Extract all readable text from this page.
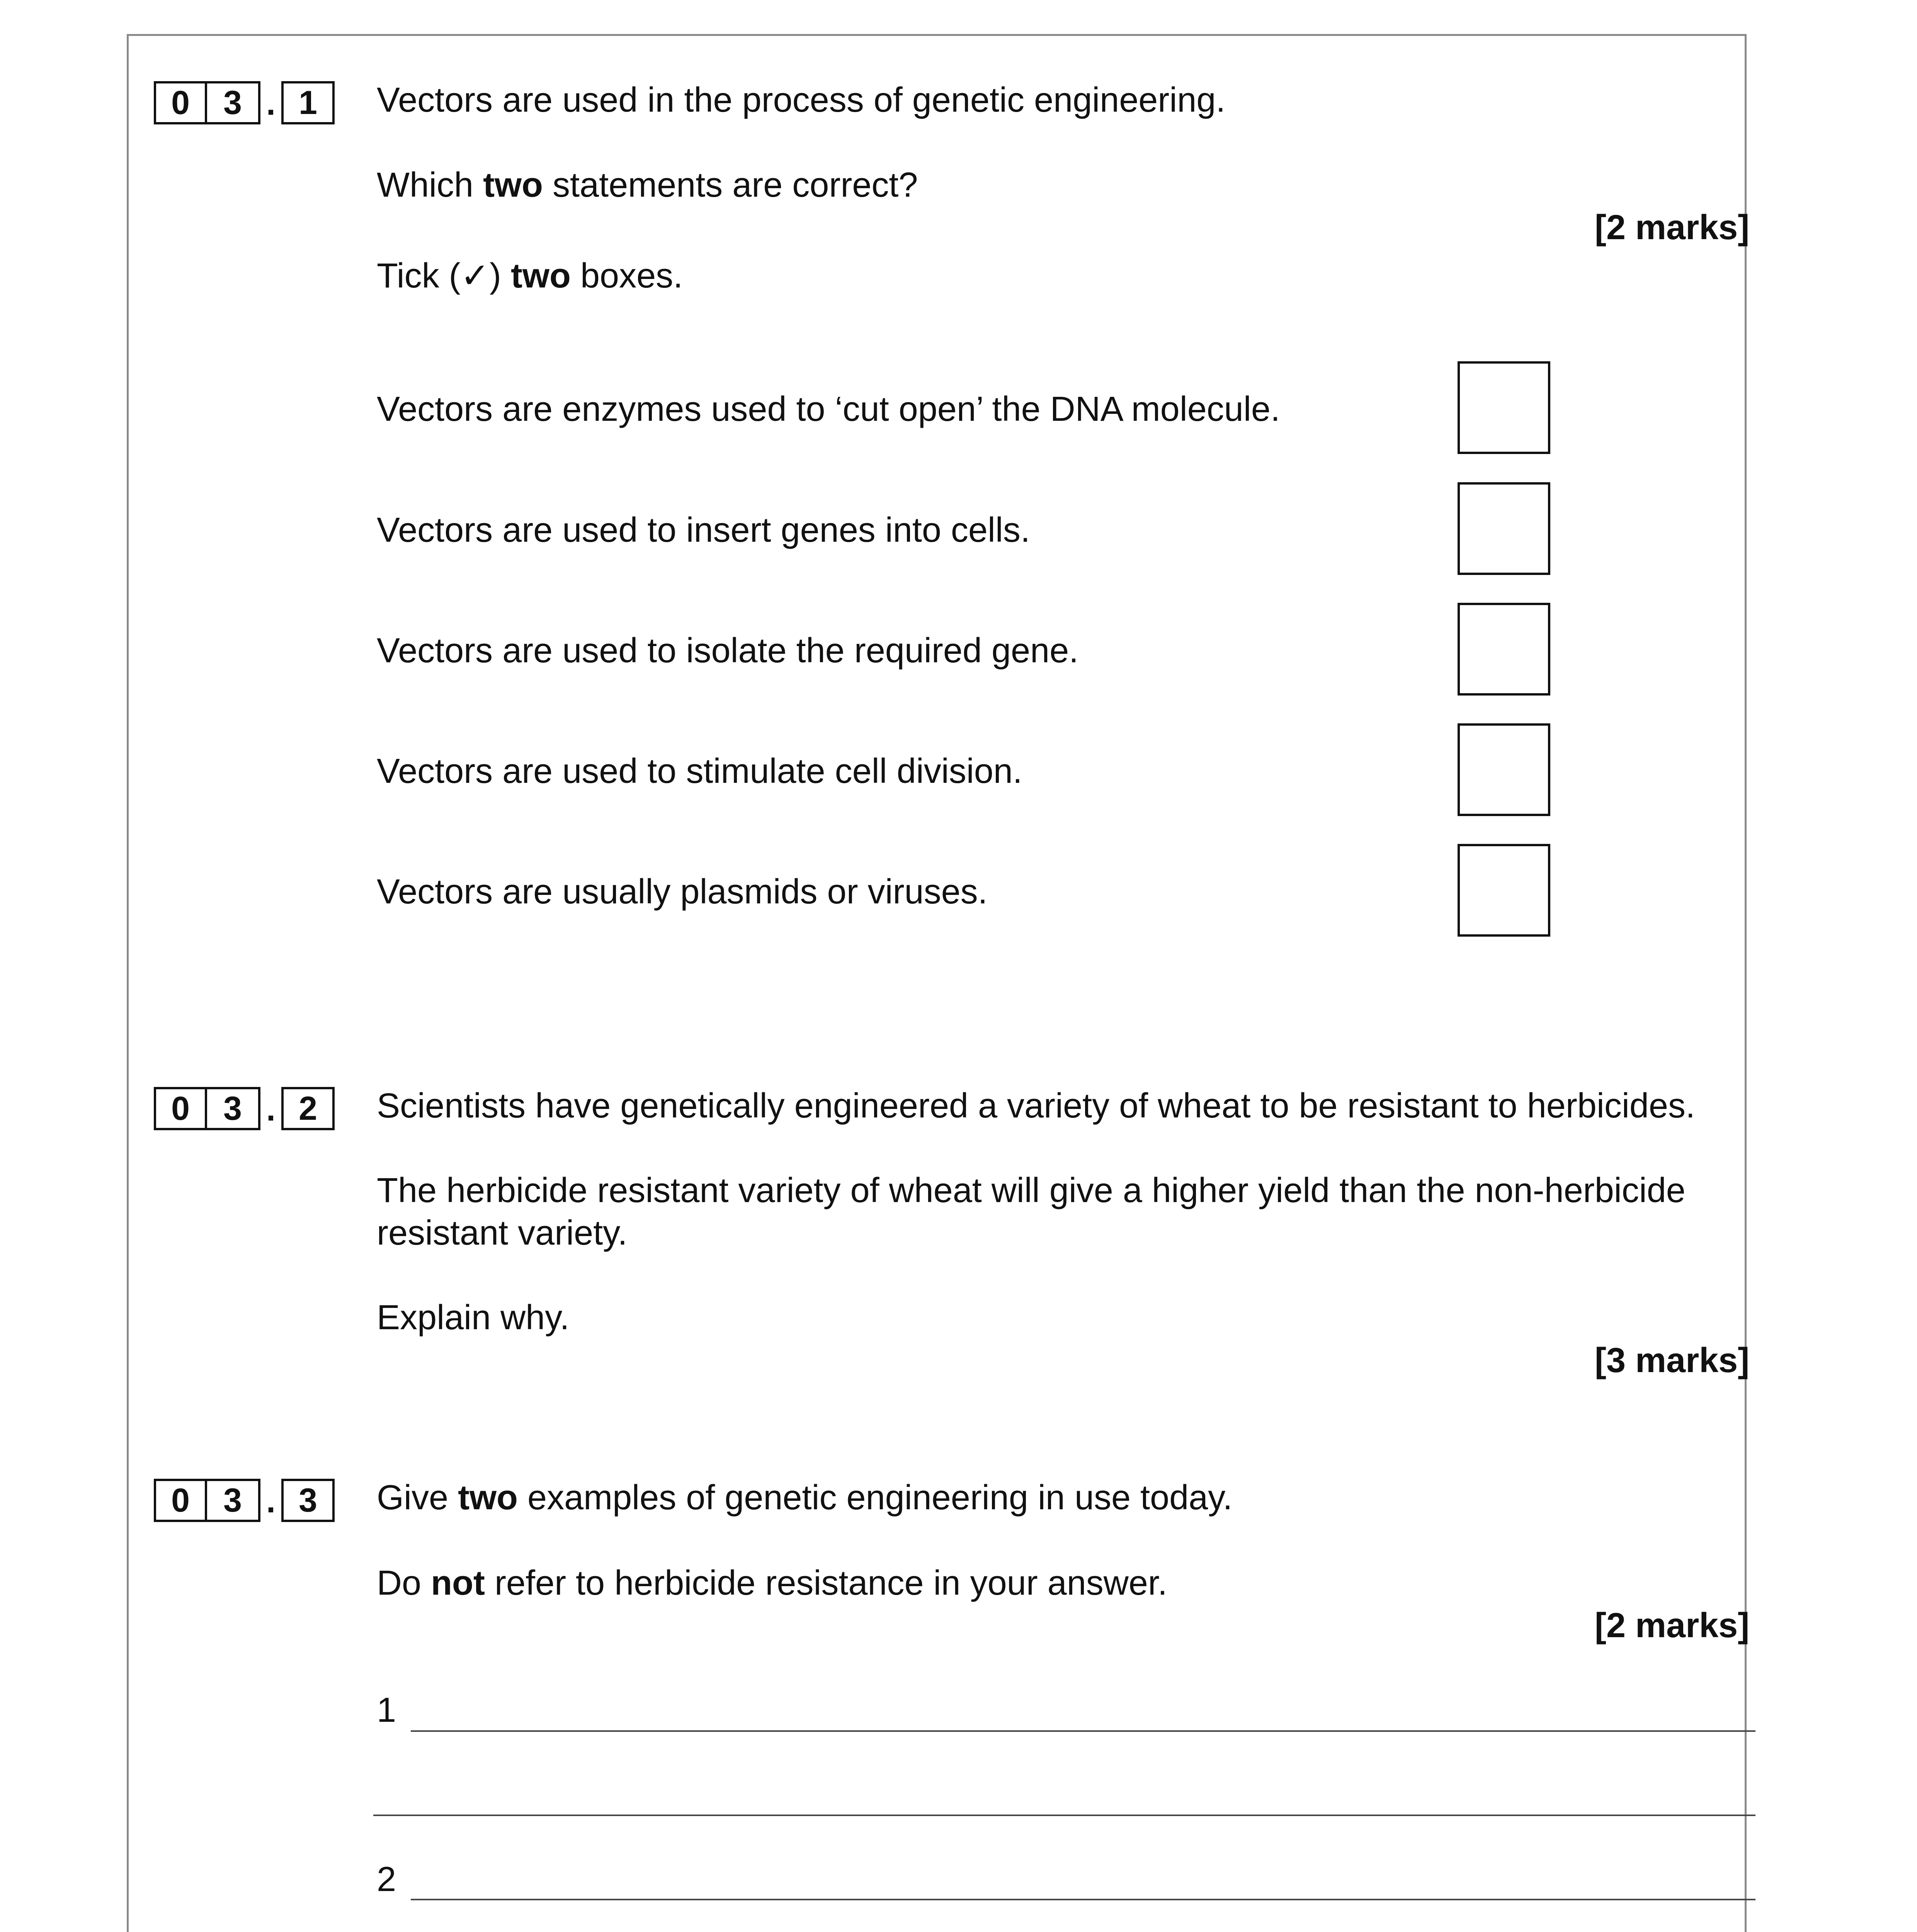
0	3 . 1	Vectors are used in the process of genetic engineering.
Which two statements are correct?
[2 marks]
Tick (✓) two boxes.
Vectors are enzymes used to ‘cut open’ the DNA molecule.
Vectors are used to insert genes into cells.
Vectors are used to isolate the required gene.
Vectors are used to stimulate cell division.
Vectors are usually plasmids or viruses.
0	3 . 2	Scientists have genetically engineered a variety of wheat to be resistant to herbicides.
The herbicide resistant variety of wheat will give a higher yield than the non-herbicide
resistant variety.
Explain why.
[3 marks]
0	3 . 3	Give two examples of genetic engineering in use today.
Do not refer to herbicide resistance in your answer.
[2 marks]
1
2
